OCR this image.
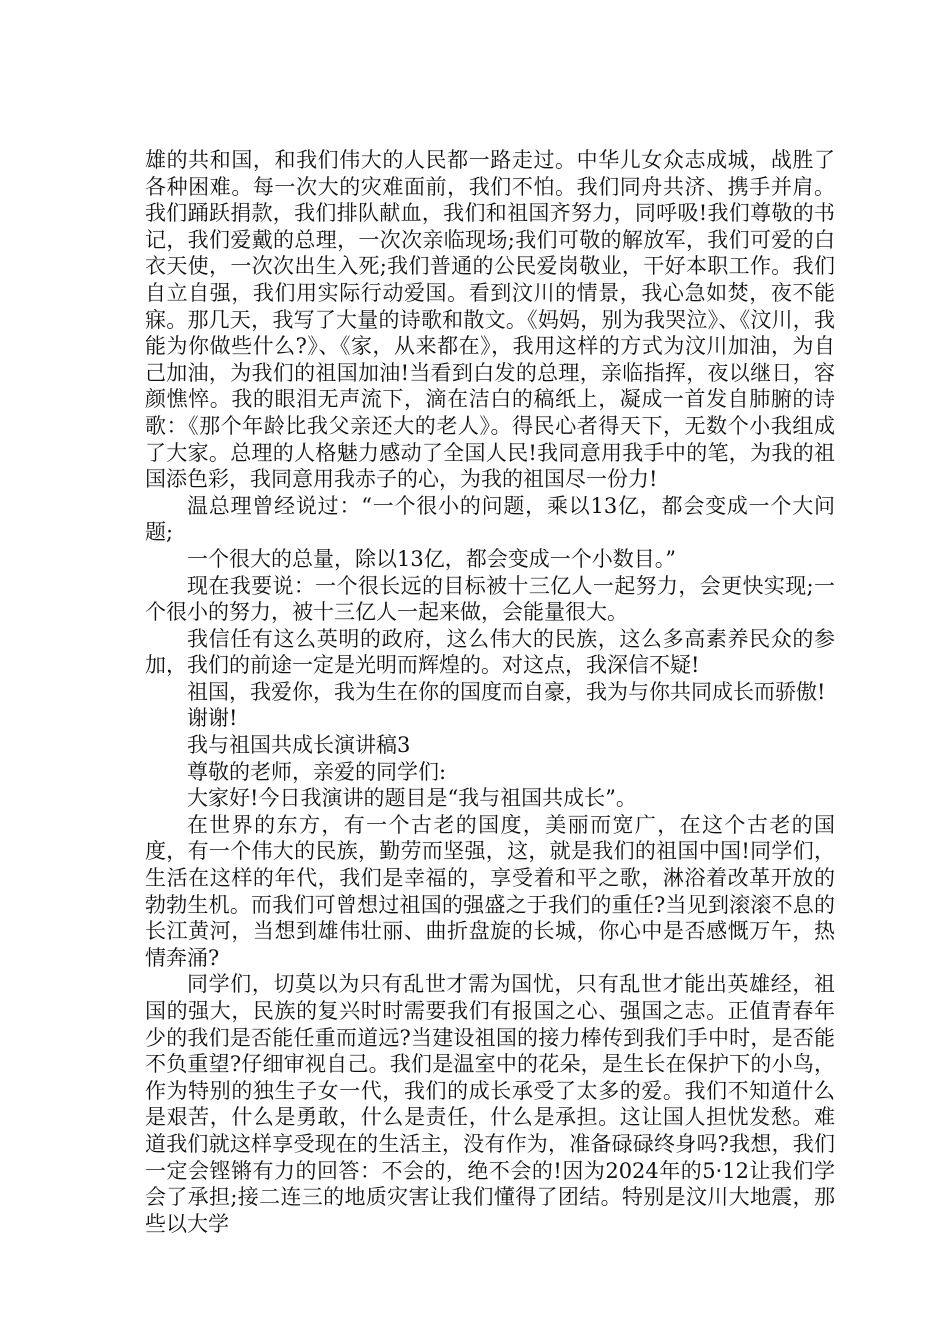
雄的共和国，和我们伟大的人民都一路走过。中华儿女众志成城，战胜了各种困难。每一次大的灾难面前，我们不怕。我们同舟共济、携手并肩。我们踊跃捐款，我们排队献血，我们和祖国齐努力，同呼吸!我们尊敬的书记，我们爱戴的总理，一次次亲临现场;我们可敬的解放军，我们可爱的白衣天使，一次次出生入死;我们普通的公民爱岗敬业，干好本职工作。我们自立自强，我们用实际行动爱国。看到汶川的情景，我心急如焚，夜不能寐。那几天，我写了大量的诗歌和散文。《妈妈，别为我哭泣》、《汶川，我能为你做些什么?》、《家，从来都在》，我用这样的方式为汶川加油，为自己加油，为我们的祖国加油!当看到白发的总理，亲临指挥，夜以继日，容颜憔悴。我的眼泪无声流下，滴在洁白的稿纸上，凝成一首发自肺腑的诗歌：《那个年龄比我父亲还大的老人》。得民心者得天下，无数个小我组成了大家。总理的人格魅力感动了全国人民!我同意用我手中的笔，为我的祖国添色彩，我同意用我赤子的心，为我的祖国尽一份力!

温总理曾经说过：“一个很小的问题，乘以13亿，都会变成一个大问题;

一个很大的总量，除以13亿，都会变成一个小数目。”

现在我要说：一个很长远的目标被十三亿人一起努力，会更快实现;一个很小的努力，被十三亿人一起来做，会能量很大。

我信任有这么英明的政府，这么伟大的民族，这么多高素养民众的参加，我们的前途一定是光明而辉煌的。对这点，我深信不疑!

祖国，我爱你，我为生在你的国度而自豪，我为与你共同成长而骄傲!

谢谢!

我与祖国共成长演讲稿3

尊敬的老师，亲爱的同学们:

大家好!今日我演讲的题目是“我与祖国共成长”。

在世界的东方，有一个古老的国度，美丽而宽广，在这个古老的国度，有一个伟大的民族，勤劳而坚强，这，就是我们的祖国中国!同学们，生活在这样的年代，我们是幸福的，享受着和平之歌，淋浴着改革开放的勃勃生机。而我们可曾想过祖国的强盛之于我们的重任?当见到滚滚不息的长江黄河，当想到雄伟壮丽、曲折盘旋的长城，你心中是否感慨万午，热情奔涌?

同学们，切莫以为只有乱世才需为国忧，只有乱世才能出英雄经，祖国的强大，民族的复兴时时需要我们有报国之心、强国之志。正值青春年少的我们是否能任重而道远?当建设祖国的接力棒传到我们手中时，是否能不负重望?仔细审视自己。我们是温室中的花朵，是生长在保护下的小鸟，作为特别的独生子女一代，我们的成长承受了太多的爱。我们不知道什么是艰苦，什么是勇敢，什么是责任，什么是承担。这让国人担忧发愁。难道我们就这样享受现在的生活主，没有作为，准备碌碌终身吗?我想，我们一定会铿锵有力的回答：不会的，绝不会的!因为2024年的5·12让我们学会了承担;接二连三的地质灾害让我们懂得了团结。特别是汶川大地震，那些以大学
